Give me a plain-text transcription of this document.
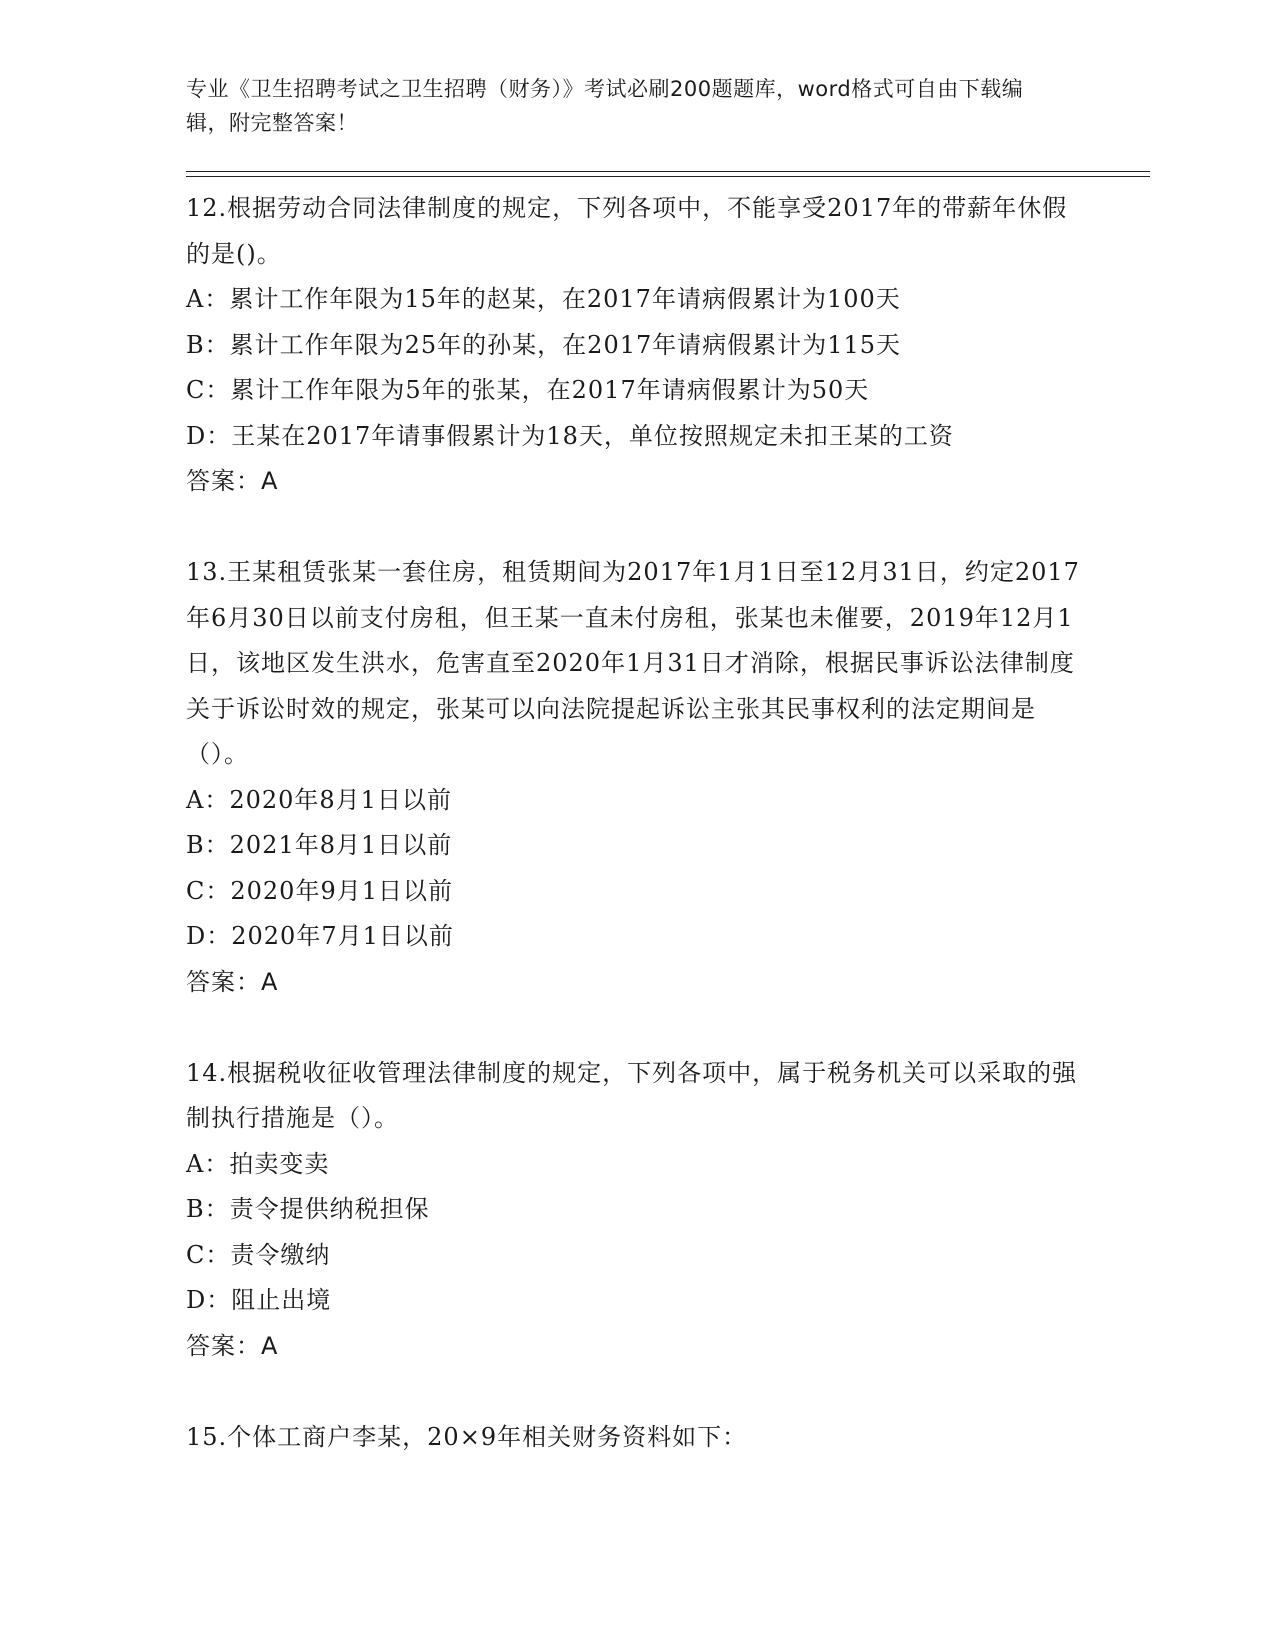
专业《卫生招聘考试之卫生招聘（财务）》考试必刷200题题库，word格式可自由下载编辑，附完整答案！
12.根据劳动合同法律制度的规定，下列各项中，不能享受2017年的带薪年休假的是()。
A：累计工作年限为15年的赵某，在2017年请病假累计为100天
B：累计工作年限为25年的孙某，在2017年请病假累计为115天
C：累计工作年限为5年的张某，在2017年请病假累计为50天
D：王某在2017年请事假累计为18天，单位按照规定未扣王某的工资
答案：A
13.王某租赁张某一套住房，租赁期间为2017年1月1日至12月31日，约定2017年6月30日以前支付房租，但王某一直未付房租，张某也未催要，2019年12月1日，该地区发生洪水，危害直至2020年1月31日才消除，根据民事诉讼法律制度关于诉讼时效的规定，张某可以向法院提起诉讼主张其民事权利的法定期间是（）。
A：2020年8月1日以前
B：2021年8月1日以前
C：2020年9月1日以前
D：2020年7月1日以前
答案：A
14.根据税收征收管理法律制度的规定，下列各项中，属于税务机关可以采取的强制执行措施是（）。
A：拍卖变卖
B：责令提供纳税担保
C：责令缴纳
D：阻止出境
答案：A
15.个体工商户李某，20×9年相关财务资料如下：
